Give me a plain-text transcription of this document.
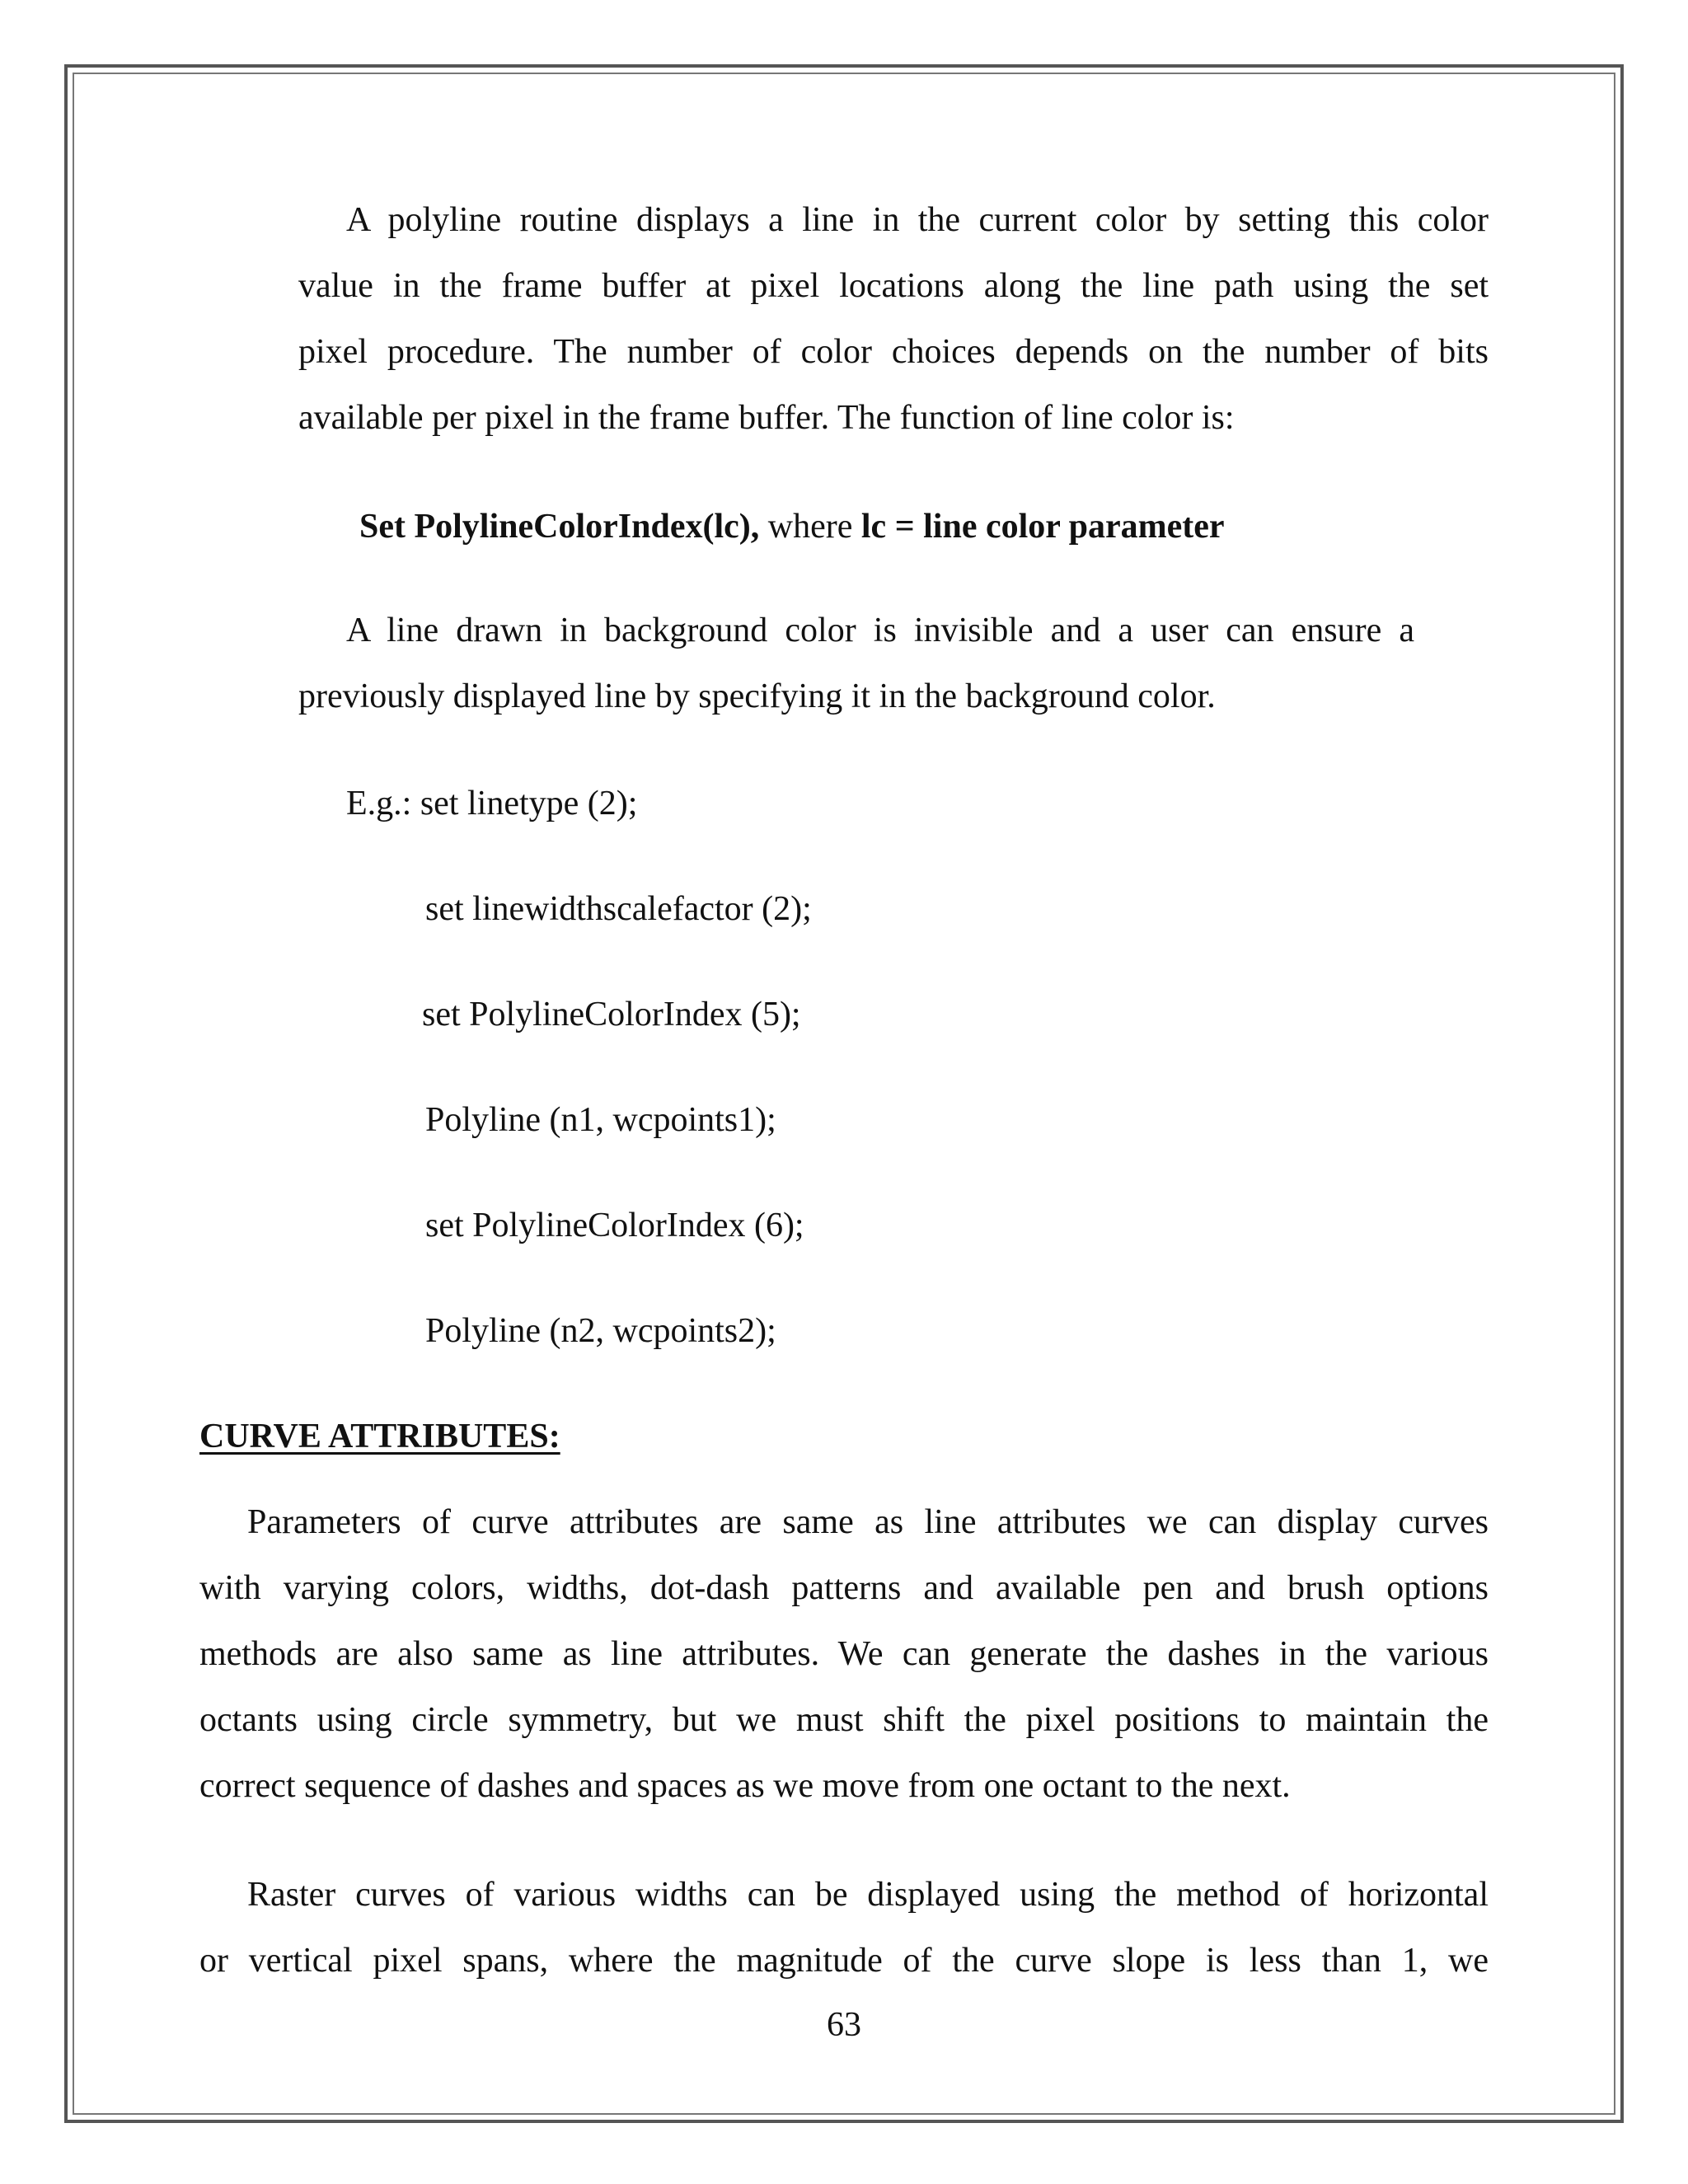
A polyline routine displays a line in the current color by setting this color

value in the frame buffer at pixel locations along the line path using the set

pixel procedure. The number of color choices depends on the number of bits

available per pixel in the frame buffer. The function of line color is:

Set PolylineColorIndex(lc), where lc = line color parameter

A line drawn in background color is invisible and a user can ensure a

previously displayed line by specifying it in the background color.

E.g.: set linetype (2);

set linewidthscalefactor (2);

set PolylineColorIndex (5);

Polyline (n1, wcpoints1);

set PolylineColorIndex (6);

Polyline (n2, wcpoints2);

CURVE ATTRIBUTES:

Parameters of curve attributes are same as line attributes we can display curves

with varying colors, widths, dot-dash patterns and available pen and brush options

methods are also same as line attributes. We can generate the dashes in the various

octants using circle symmetry, but we must shift the pixel positions to maintain the

correct sequence of dashes and spaces as we move from one octant to the next.

Raster curves of various widths can be displayed using the method of horizontal

or vertical pixel spans, where the magnitude of the curve slope is less than 1, we

63
